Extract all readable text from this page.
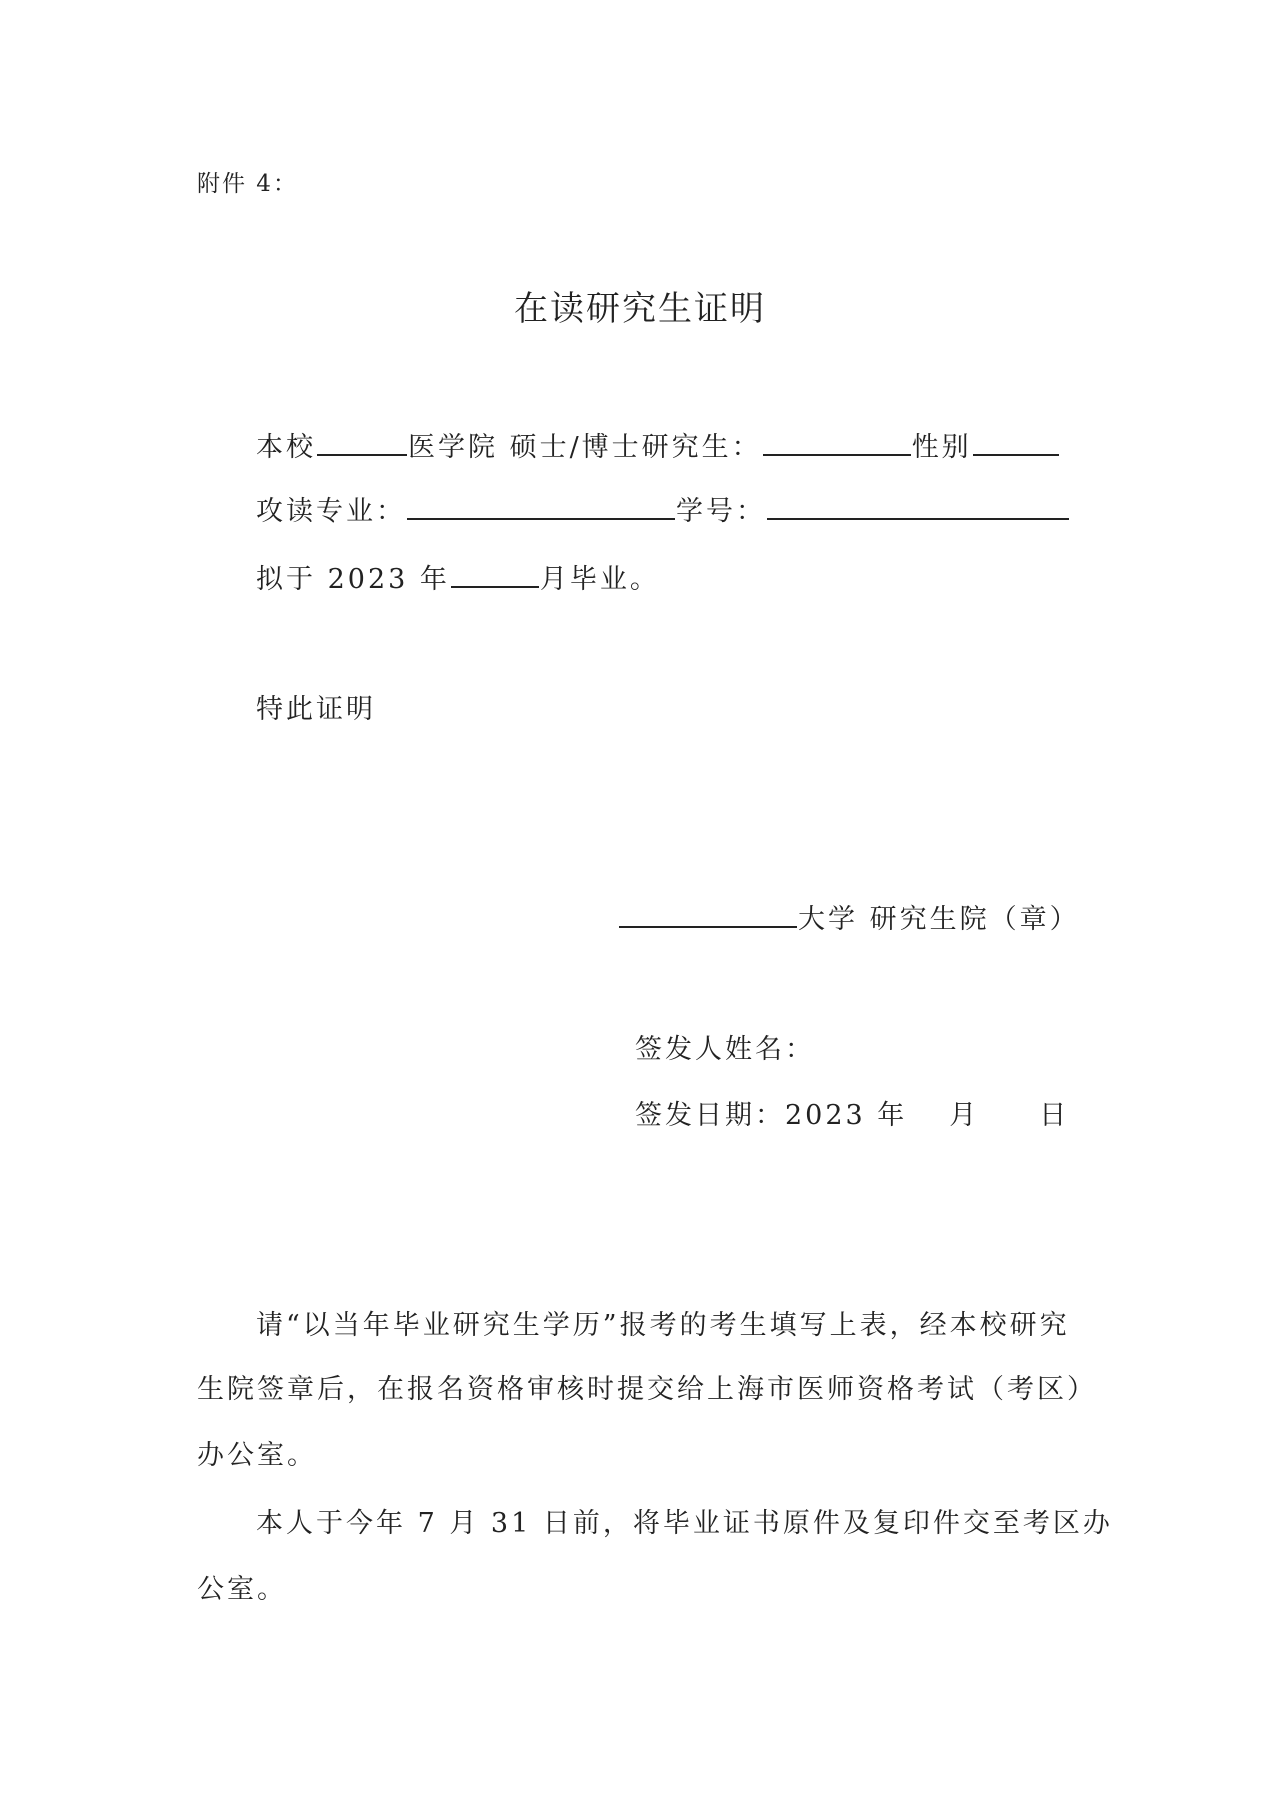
附件 4：
在读研究生证明
本校	医学院 硕士/博士研究生：	性别
攻读专业：	学号：
拟于 2023 年	月毕业。
特此证明
大学 研究生院（章）
签发人姓名：
签发日期：2023 年 月 日
请“以当年毕业研究生学历”报考的考生填写上表，经本校研究
生院签章后，在报名资格审核时提交给上海市医师资格考试（考区）
办公室。
本人于今年 7 月 31 日前，将毕业证书原件及复印件交至考区办
公室。
